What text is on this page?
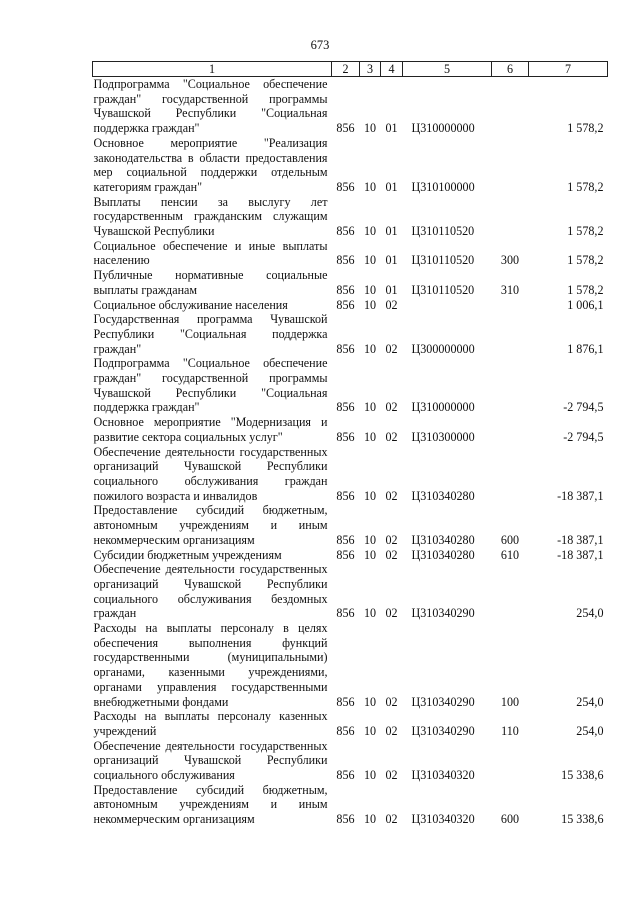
673
1	2	3	4	5	6	7
Подпрограмма "Социальное обеспечение граждан" государственной программы Чувашской Республики "Социальная поддержка граждан"	856	10	01	Ц310000000		1 578,2
Основное мероприятие "Реализация законодательства в области предоставления мер социальной поддержки отдельным категориям граждан"	856	10	01	Ц310100000		1 578,2
Выплаты пенсии за выслугу лет государственным гражданским служащим Чувашской Республики	856	10	01	Ц310110520		1 578,2
Социальное обеспечение и иные выплаты населению	856	10	01	Ц310110520	300	1 578,2
Публичные нормативные социальные выплаты гражданам	856	10	01	Ц310110520	310	1 578,2
Социальное обслуживание населения	856	10	02			1 006,1
Государственная программа Чувашской Республики "Социальная поддержка граждан"	856	10	02	Ц300000000		1 876,1
Подпрограмма "Социальное обеспечение граждан" государственной программы Чувашской Республики "Социальная поддержка граждан"	856	10	02	Ц310000000		-2 794,5
Основное мероприятие "Модернизация и развитие сектора социальных услуг"	856	10	02	Ц310300000		-2 794,5
Обеспечение деятельности государственных организаций Чувашской Республики социального обслуживания граждан пожилого возраста и инвалидов	856	10	02	Ц310340280		-18 387,1
Предоставление субсидий бюджетным, автономным учреждениям и иным некоммерческим организациям	856	10	02	Ц310340280	600	-18 387,1
Субсидии бюджетным учреждениям	856	10	02	Ц310340280	610	-18 387,1
Обеспечение деятельности государственных организаций Чувашской Республики социального обслуживания бездомных граждан	856	10	02	Ц310340290		254,0
Расходы на выплаты персоналу в целях обеспечения выполнения функций государственными (муниципальными) органами, казенными учреждениями, органами управления государственными внебюджетными фондами	856	10	02	Ц310340290	100	254,0
Расходы на выплаты персоналу казенных учреждений	856	10	02	Ц310340290	110	254,0
Обеспечение деятельности государственных организаций Чувашской Республики социального обслуживания	856	10	02	Ц310340320		15 338,6
Предоставление субсидий бюджетным, автономным учреждениям и иным некоммерческим организациям	856	10	02	Ц310340320	600	15 338,6
